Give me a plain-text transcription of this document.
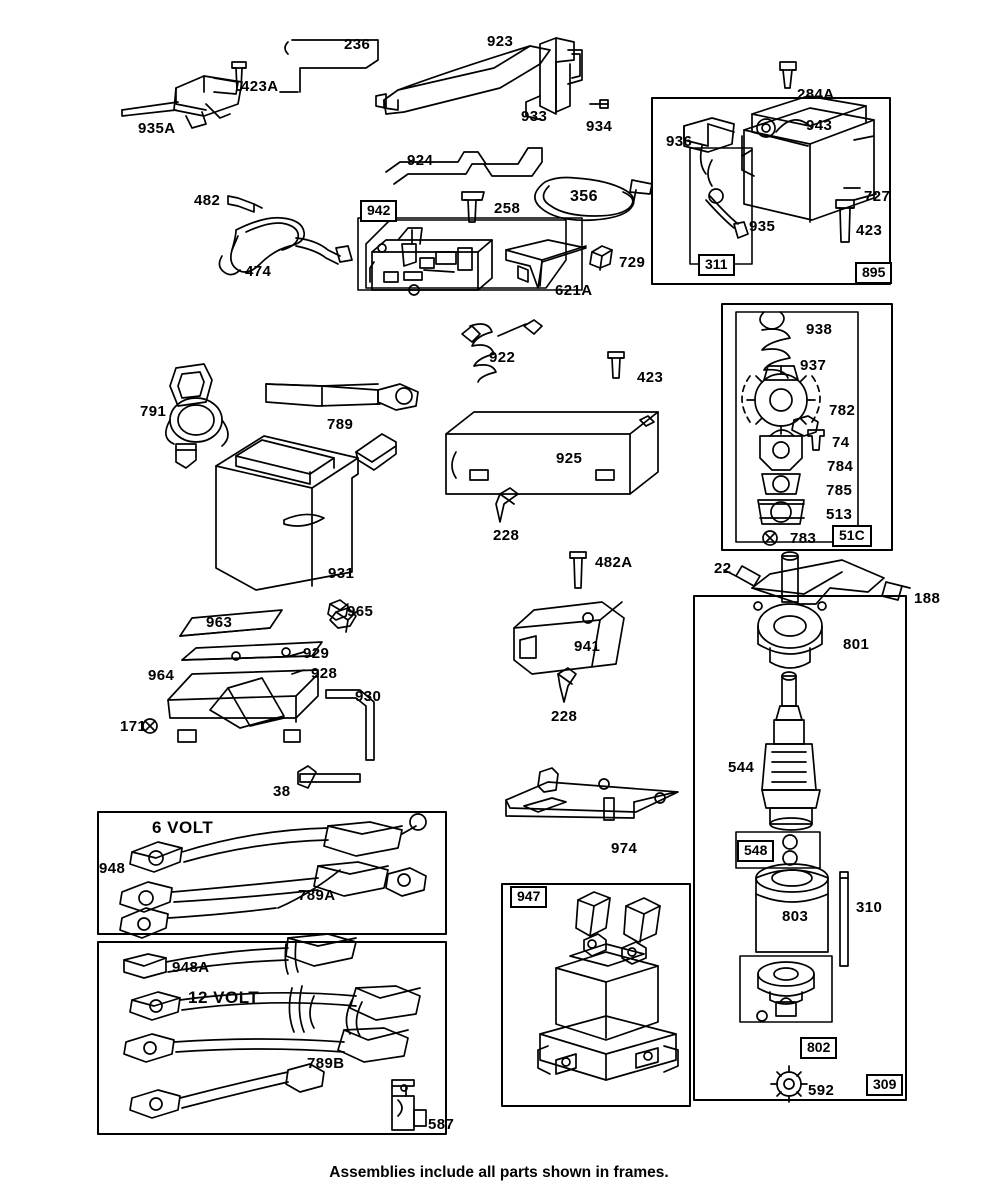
311	895
51C
548
802
309
942
947
6 VOLT
12 VOLT
236	923
423A
935A
933
934
284A
943
936
924
727
482	258
356
935	423
474
729
621A
922
938
937
423
782
791
789
925
74
784
785
513
783
228
931
482A	22
188
801
963
965
929
964	928
930
171
941
228
38
544
974
948
789A
803
310
948A
789B
592
587
Assemblies include all parts shown in frames.
